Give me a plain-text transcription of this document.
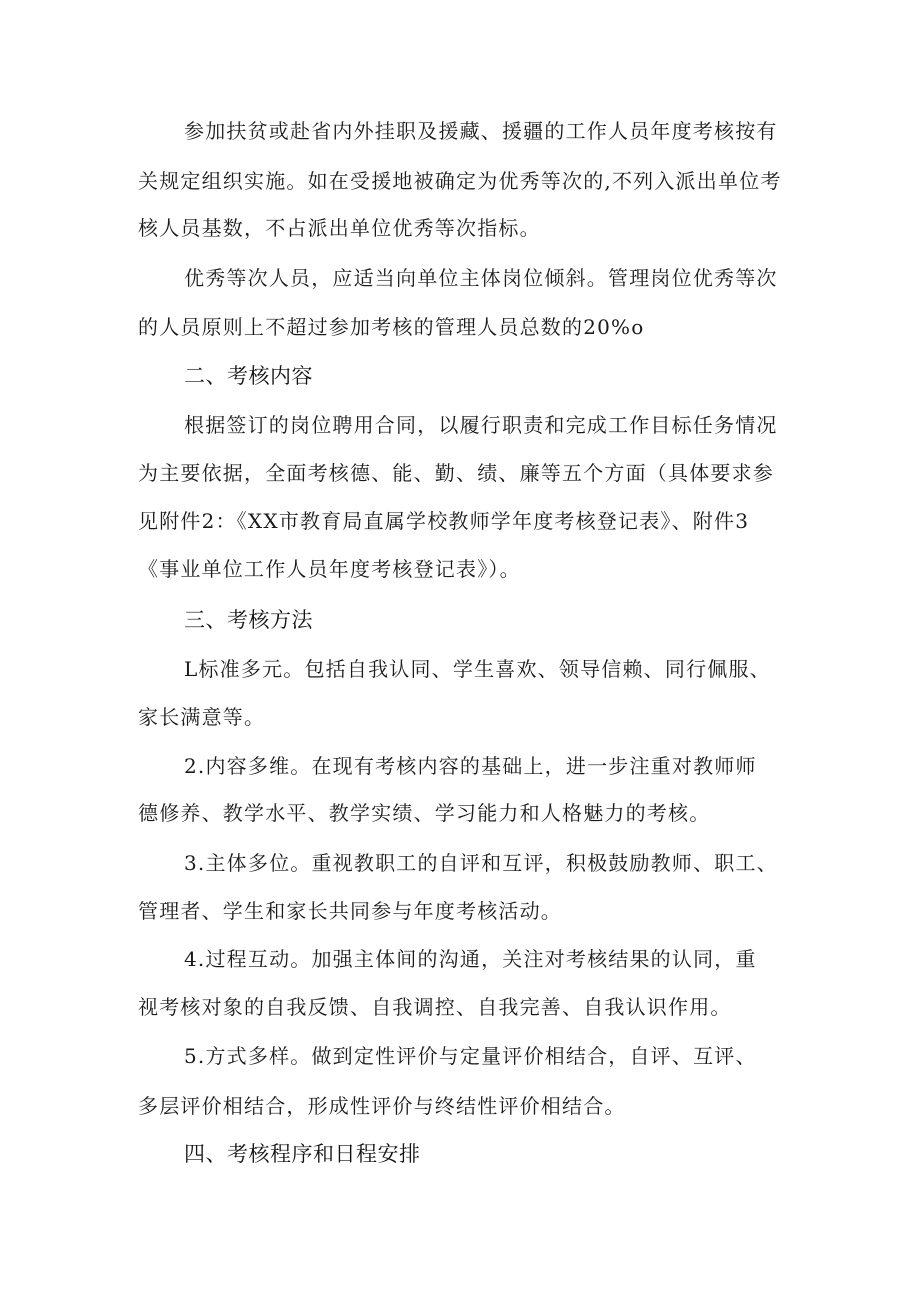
参加扶贫或赴省内外挂职及援藏、援疆的工作人员年度考核按有
关规定组织实施。如在受援地被确定为优秀等次的,不列入派出单位考
核人员基数，不占派出单位优秀等次指标。
优秀等次人员，应适当向单位主体岗位倾斜。管理岗位优秀等次
的人员原则上不超过参加考核的管理人员总数的20%o
二、考核内容
根据签订的岗位聘用合同，以履行职责和完成工作目标任务情况
为主要依据，全面考核德、能、勤、绩、廉等五个方面（具体要求参
见附件2：《XX市教育局直属学校教师学年度考核登记表》、附件3
《事业单位工作人员年度考核登记表》）。
三、考核方法
L标准多元。包括自我认同、学生喜欢、领导信赖、同行佩服、
家长满意等。
2.内容多维。在现有考核内容的基础上，进一步注重对教师师
德修养、教学水平、教学实绩、学习能力和人格魅力的考核。
3.主体多位。重视教职工的自评和互评，积极鼓励教师、职工、
管理者、学生和家长共同参与年度考核活动。
4.过程互动。加强主体间的沟通，关注对考核结果的认同，重
视考核对象的自我反馈、自我调控、自我完善、自我认识作用。
5.方式多样。做到定性评价与定量评价相结合，自评、互评、
多层评价相结合，形成性评价与终结性评价相结合。
四、考核程序和日程安排
